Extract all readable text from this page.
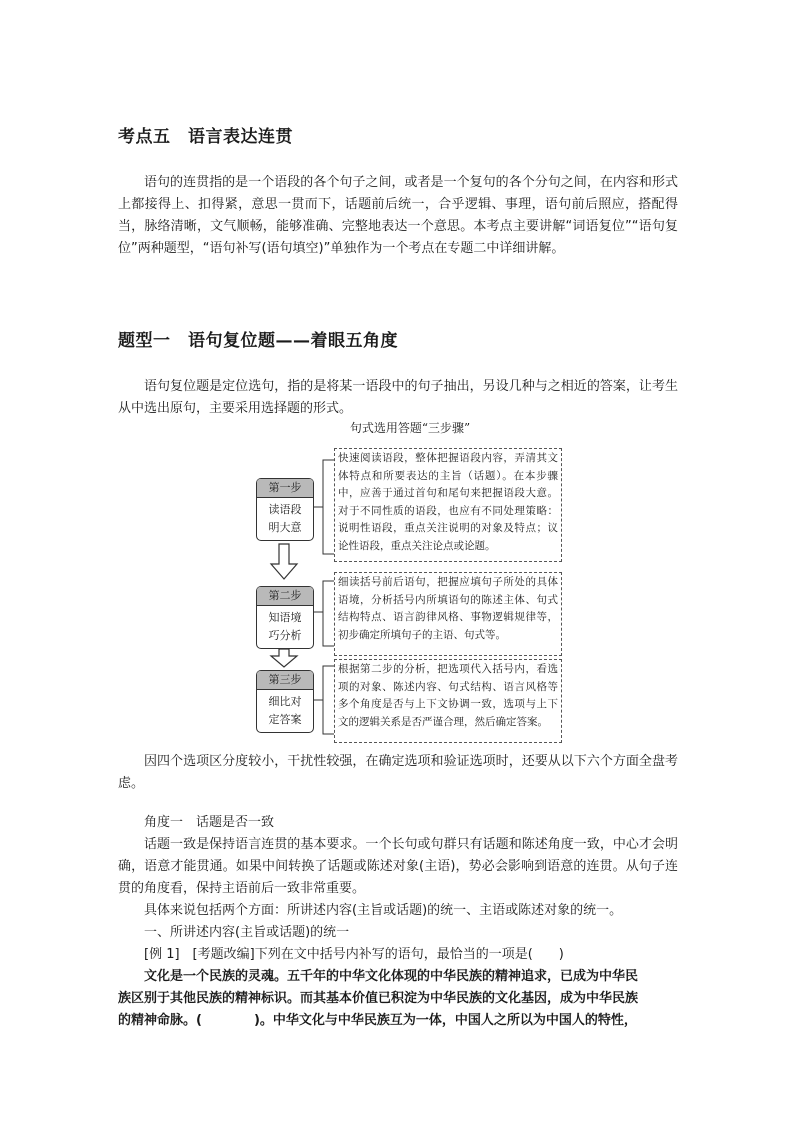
考点五　语言表达连贯

语句的连贯指的是一个语段的各个句子之间，或者是一个复句的各个分句之间，在内容和形式上都接得上、扣得紧，意思一贯而下，话题前后统一，合乎逻辑、事理，语句前后照应，搭配得当，脉络清晰，文气顺畅，能够准确、完整地表达一个意思。本考点主要讲解“词语复位”“语句复位”两种题型，“语句补写(语句填空)”单独作为一个考点在专题二中详细讲解。

题型一　语句复位题——着眼五角度

语句复位题是定位选句，指的是将某一语段中的句子抽出，另设几种与之相近的答案，让考生从中选出原句，主要采用选择题的形式。

句式选用答题“三步骤”
第一步
读语段明大意
快速阅读语段，整体把握语段内容，弄清其文体特点和所要表达的主旨（话题）。在本步骤中，应善于通过首句和尾句来把握语段大意。对于不同性质的语段，也应有不同处理策略：说明性语段，重点关注说明的对象及特点；议论性语段，重点关注论点或论题。
第二步
知语境巧分析
细读括号前后语句，把握应填句子所处的具体语境，分析括号内所填语句的陈述主体、句式结构特点、语言韵律风格、事物逻辑规律等，初步确定所填句子的主语、句式等。
第三步
细比对定答案
根据第二步的分析，把选项代入括号内，看选项的对象、陈述内容、句式结构、语言风格等多个角度是否与上下文协调一致，选项与上下文的逻辑关系是否严谨合理，然后确定答案。

因四个选项区分度较小，干扰性较强，在确定选项和验证选项时，还要从以下六个方面全盘考虑。

角度一　话题是否一致

话题一致是保持语言连贯的基本要求。一个长句或句群只有话题和陈述角度一致，中心才会明确，语意才能贯通。如果中间转换了话题或陈述对象(主语)，势必会影响到语意的连贯。从句子连贯的角度看，保持主语前后一致非常重要。

具体来说包括两个方面：所讲述内容(主旨或话题)的统一、主语或陈述对象的统一。
一、所讲述内容(主旨或话题)的统一
[例 1]　[考题改编]下列在文中括号内补写的语句，最恰当的一项是(　　)
文化是一个民族的灵魂。五千年的中华文化体现的中华民族的精神追求，已成为中华民
族区别于其他民族的精神标识。而其基本价值已积淀为中华民族的文化基因，成为中华民族
的精神命脉。(	)。中华文化与中华民族互为一体，中国人之所以为中国人的特性，
